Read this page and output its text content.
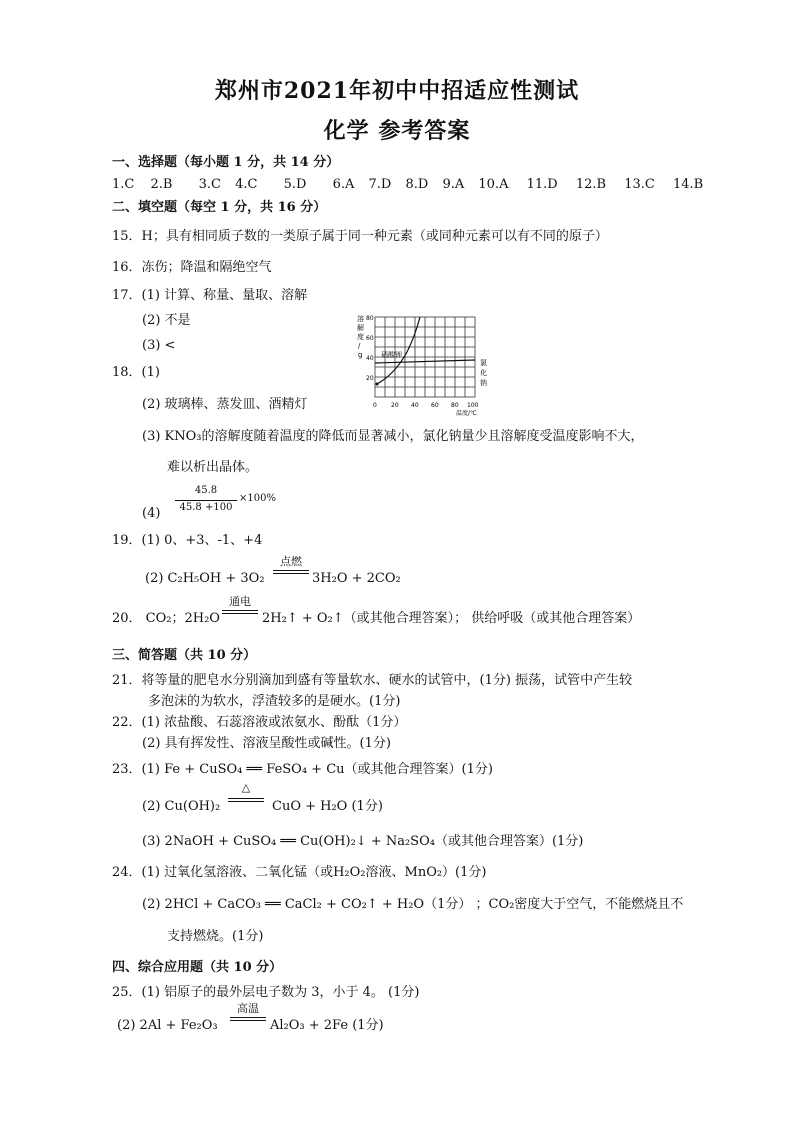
郑州市2021年初中中招适应性测试
化学 参考答案
一、选择题（每小题 1 分，共 14 分）
1.C 2.B 3.C 4.C 5.D 6.A 7.D 8.D 9.A 10.A 11.D 12.B 13.C 14.B
二、填空题（每空 1 分，共 16 分）
15．H；具有相同质子数的一类原子属于同一种元素（或同种元素可以有不同的原子）
16．冻伤；降温和隔绝空气
17．(1) 计算、称量、量取、溶解
(2) 不是
(3) <
18．(1)
硝酸钾
溶
解
度
/
g
80
60
40
20
0 20 40 60 80 100
温度/℃
氯
化
钠
(2) 玻璃棒、蒸发皿、酒精灯
(3) KNO₃的溶解度随着温度的降低而显著减小，氯化钠量少且溶解度受温度影响不大，
难以析出晶体。
(4)
45.8
45.8 +100
×100%
19．(1) 0、+3、-1、+4
(2) C₂H₅OH + 3O₂
点燃
3H₂O + 2CO₂
20． CO₂；2H₂O
通电
2H₂↑ + O₂↑（或其他合理答案）； 供给呼吸（或其他合理答案）
三、简答题（共 10 分）
21．将等量的肥皂水分别滴加到盛有等量软水、硬水的试管中，(1分) 振荡，试管中产生较
多泡沫的为软水，浮渣较多的是硬水。(1分)
22．(1) 浓盐酸、石蕊溶液或浓氨水、酚酞（1分）
(2) 具有挥发性、溶液呈酸性或碱性。(1分)
23．(1) Fe + CuSO₄ ══ FeSO₄ + Cu（或其他合理答案）(1分)
(2) Cu(OH)₂
△
CuO + H₂O (1分)
(3) 2NaOH + CuSO₄ ══ Cu(OH)₂↓ + Na₂SO₄（或其他合理答案）(1分)
24．(1) 过氧化氢溶液、二氧化锰（或H₂O₂溶液、MnO₂）(1分)
(2) 2HCl + CaCO₃ ══ CaCl₂ + CO₂↑ + H₂O（1分） ；CO₂密度大于空气，不能燃烧且不
支持燃烧。(1分)
四、综合应用题（共 10 分）
25．(1) 铝原子的最外层电子数为 3，小于 4。 (1分)
(2) 2Al + Fe₂O₃
高温
Al₂O₃ + 2Fe (1分)
